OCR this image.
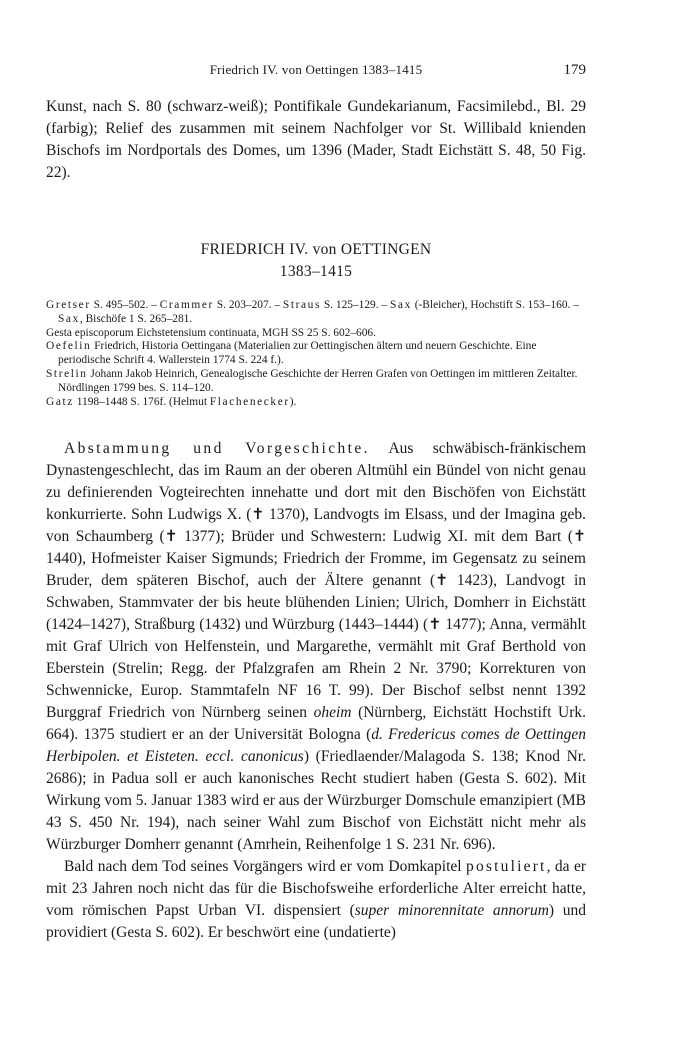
Friedrich IV. von Oettingen 1383–1415	179

Kunst, nach S. 80 (schwarz-weiß); Pontifikale Gundekarianum, Facsimilebd., Bl. 29 (farbig); Relief des zusammen mit seinem Nachfolger vor St. Willibald knienden Bischofs im Nordportals des Domes, um 1396 (Mader, Stadt Eichstätt S. 48, 50 Fig. 22).

FRIEDRICH IV. von OETTINGEN
1383–1415

Gretser S. 495–502. – Crammer S. 203–207. – Straus S. 125–129. – Sax (-Bleicher), Hochstift S. 153–160. – Sax, Bischöfe 1 S. 265–281.

Gesta episcoporum Eichstetensium continuata, MGH SS 25 S. 602–606.

Oefelin Friedrich, Historia Oettingana (Materialien zur Oettingischen ältern und neuern Geschichte. Eine periodische Schrift 4. Wallerstein 1774 S. 224 f.).

Strelin Johann Jakob Heinrich, Genealogische Geschichte der Herren Grafen von Oettingen im mittleren Zeitalter. Nördlingen 1799 bes. S. 114–120.

Gatz 1198–1448 S. 176f. (Helmut Flachenecker).

Abstammung und Vorgeschichte. Aus schwäbisch-fränkischem Dynastengeschlecht, das im Raum an der oberen Altmühl ein Bündel von nicht genau zu definierenden Vogteirechten innehatte und dort mit den Bischöfen von Eichstätt konkurrierte. Sohn Ludwigs X. (✝ 1370), Landvogts im Elsass, und der Imagina geb. von Schaumberg (✝ 1377); Brüder und Schwestern: Ludwig XI. mit dem Bart (✝ 1440), Hofmeister Kaiser Sigmunds; Friedrich der Fromme, im Gegensatz zu seinem Bruder, dem späteren Bischof, auch der Ältere genannt (✝ 1423), Landvogt in Schwaben, Stammvater der bis heute blühenden Linien; Ulrich, Domherr in Eichstätt (1424–1427), Straßburg (1432) und Würzburg (1443–1444) (✝ 1477); Anna, vermählt mit Graf Ulrich von Helfenstein, und Margarethe, vermählt mit Graf Berthold von Eberstein (Strelin; Regg. der Pfalzgrafen am Rhein 2 Nr. 3790; Korrekturen von Schwennicke, Europ. Stammtafeln NF 16 T. 99). Der Bischof selbst nennt 1392 Burggraf Friedrich von Nürnberg seinen oheim (Nürnberg, Eichstätt Hochstift Urk. 664). 1375 studiert er an der Universität Bologna (d. Fredericus comes de Oettingen Herbipolen. et Eisteten. eccl. canonicus) (Friedlaender/Malagoda S. 138; Knod Nr. 2686); in Padua soll er auch kanonisches Recht studiert haben (Gesta S. 602). Mit Wirkung vom 5. Januar 1383 wird er aus der Würzburger Domschule emanzipiert (MB 43 S. 450 Nr. 194), nach seiner Wahl zum Bischof von Eichstätt nicht mehr als Würzburger Domherr genannt (Amrhein, Reihenfolge 1 S. 231 Nr. 696).

Bald nach dem Tod seines Vorgängers wird er vom Domkapitel postuliert, da er mit 23 Jahren noch nicht das für die Bischofsweihe erforderliche Alter erreicht hatte, vom römischen Papst Urban VI. dispensiert (super minorennitate annorum) und providiert (Gesta S. 602). Er beschwört eine (undatierte)
